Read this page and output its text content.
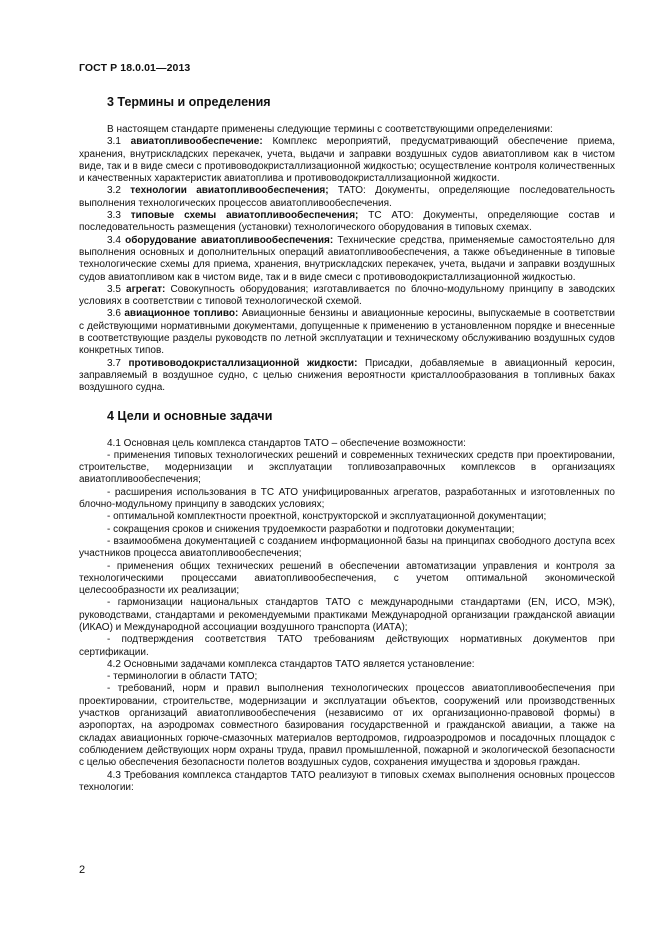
ГОСТ Р 18.0.01—2013
3 Термины и определения

В настоящем стандарте применены следующие термины с соответствующими определениями:

3.1 авиатопливообеспечение: Комплекс мероприятий, предусматривающий обеспечение приема, хранения, внутрискладских перекачек, учета, выдачи и заправки воздушных судов авиатопливом как в чистом виде, так и в виде смеси с противоводокристаллизационной жидкостью; осуществление контроля количественных и качественных характеристик авиатоплива и противоводокристаллизационной жидкости.

3.2 технологии авиатопливообеспечения; ТАТО: Документы, определяющие последовательность выполнения технологических процессов авиатопливообеспечения.

3.3 типовые схемы авиатопливообеспечения; ТС АТО: Документы, определяющие состав и последовательность размещения (установки) технологического оборудования в типовых схемах.

3.4 оборудование авиатопливообеспечения: Технические средства, применяемые самостоятельно для выполнения основных и дополнительных операций авиатопливообеспечения, а также объединенные в типовые технологические схемы для приема, хранения, внутрискладских перекачек, учета, выдачи и заправки воздушных судов авиатопливом как в чистом виде, так и в виде смеси с противоводокристаллизационной жидкостью.

3.5 агрегат: Совокупность оборудования; изготавливается по блочно-модульному принципу в заводских условиях в соответствии с типовой технологической схемой.

3.6 авиационное топливо: Авиационные бензины и авиационные керосины, выпускаемые в соответствии с действующими нормативными документами, допущенные к применению в установленном порядке и внесенные в соответствующие разделы руководств по летной эксплуатации и техническому обслуживанию воздушных судов конкретных типов.

3.7 противоводокристаллизационной жидкости: Присадки, добавляемые в авиационный керосин, заправляемый в воздушное судно, с целью снижения вероятности кристаллообразования в топливных баках воздушного судна.

4 Цели и основные задачи

4.1 Основная цель комплекса стандартов ТАТО – обеспечение возможности:

- применения типовых технологических решений и современных технических средств при проектировании, строительстве, модернизации и эксплуатации топливозаправочных комплексов в организациях авиатопливообеспечения;

- расширения использования в ТС АТО унифицированных агрегатов, разработанных и изготовленных по блочно-модульному принципу в заводских условиях;

- оптимальной комплектности проектной, конструкторской и эксплуатационной документации;

- сокращения сроков и снижения трудоемкости разработки и подготовки документации;

- взаимообмена документацией с созданием информационной базы на принципах свободного доступа всех участников процесса авиатопливообеспечения;

- применения общих технических решений в обеспечении автоматизации управления и контроля за технологическими процессами авиатопливообеспечения, с учетом оптимальной экономической целесообразности их реализации;

- гармонизации национальных стандартов ТАТО с международными стандартами (EN, ИСО, МЭК), руководствами, стандартами и рекомендуемыми практиками Международной организации гражданской авиации (ИКАО) и Международной ассоциации воздушного транспорта (ИАТА);

- подтверждения соответствия ТАТО требованиям действующих нормативных документов при сертификации.

4.2 Основными задачами комплекса стандартов ТАТО является установление:

- терминологии в области ТАТО;

- требований, норм и правил выполнения технологических процессов авиатопливообеспечения при проектировании, строительстве, модернизации и эксплуатации объектов, сооружений или производственных участков организаций авиатопливообеспечения (независимо от их организационно-правовой формы) в аэропортах, на аэродромах совместного базирования государственной и гражданской авиации, а также на складах авиационных горюче-смазочных материалов вертодромов, гидроаэродромов и посадочных площадок с соблюдением действующих норм охраны труда, правил промышленной, пожарной и экологической безопасности с целью обеспечения безопасности полетов воздушных судов, сохранения имущества и здоровья граждан.

4.3 Требования комплекса стандартов ТАТО реализуют в типовых схемах выполнения основных процессов технологии:

2
